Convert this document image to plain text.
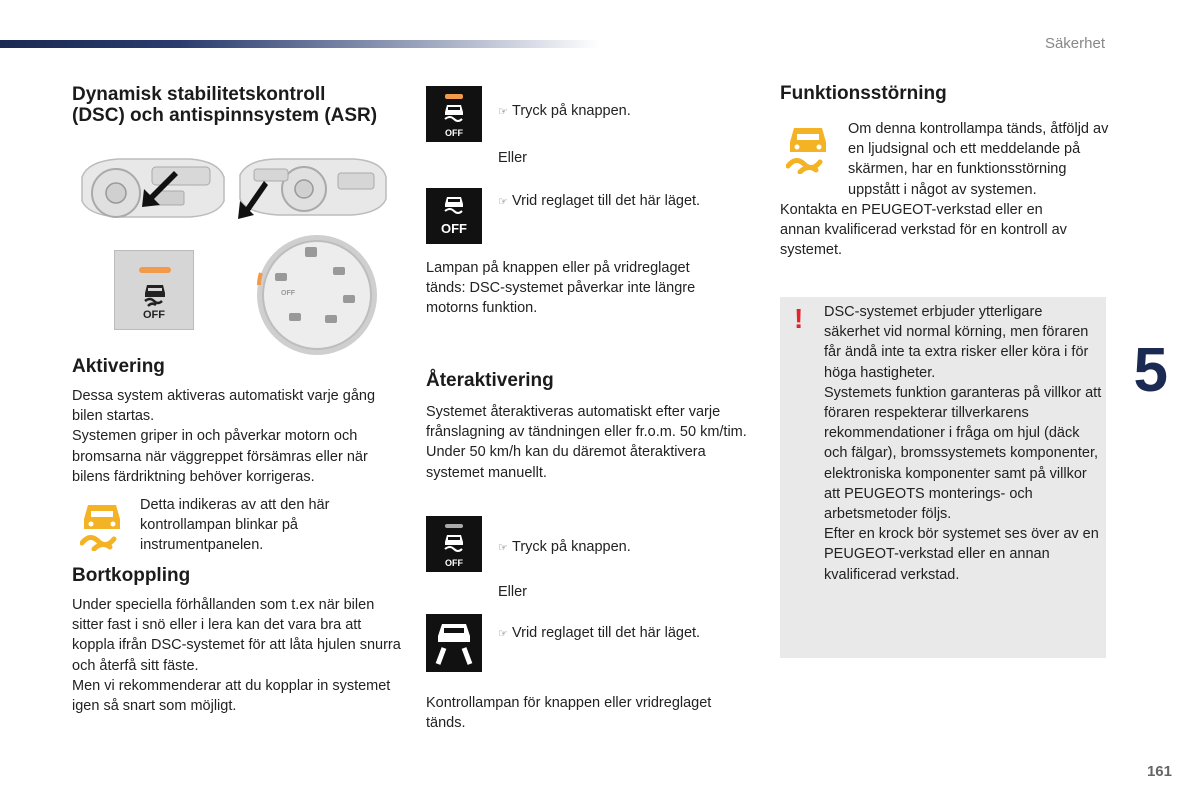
Säkerhet
5
161
Dynamisk stabilitetskontroll
(DSC) och antispinnsystem (ASR)
OFF
OFF
Aktivering

Dessa system aktiveras automatiskt varje gång bilen startas.

Systemen griper in och påverkar motorn och bromsarna när väggreppet försämras eller när bilens färdriktning behöver korrigeras.

Detta indikeras av att den här kontrollampan blinkar på instrumentpanelen.
Bortkoppling

Under speciella förhållanden som t.ex när bilen sitter fast i snö eller i lera kan det vara bra att koppla ifrån DSC-systemet för att låta hjulen snurra och återfå sitt fäste.

Men vi rekommenderar att du kopplar in systemet igen så snart som möjligt.

OFF
☞ Tryck på knappen.
Eller
OFF
☞ Vrid reglaget till det här läget.
Lampan på knappen eller på vridreglaget tänds: DSC-systemet påverkar inte längre motorns funktion.
Återaktivering

Systemet återaktiveras automatiskt efter varje frånslagning av tändningen eller fr.o.m. 50 km/tim. Under 50 km/h kan du däremot återaktivera systemet manuellt.

OFF
☞ Tryck på knappen.
Eller
☞ Vrid reglaget till det här läget.
Kontrollampan för knappen eller vridreglaget tänds.
Funktionsstörning
Om denna kontrollampa tänds, åtföljd av en ljudsignal och ett meddelande på skärmen, har en funktionsstörning uppstått i något av systemen.
Kontakta en PEUGEOT-verkstad eller en annan kvalificerad verkstad för en kontroll av systemet.
! DSC-systemet erbjuder ytterligare säkerhet vid normal körning, men föraren får ändå inte ta extra risker eller köra i för höga hastigheter.

Systemets funktion garanteras på villkor att föraren respekterar tillverkarens rekommendationer i fråga om hjul (däck och fälgar), bromssystemets komponenter, elektroniska komponenter samt på villkor att PEUGEOTS monterings- och arbetsmetoder följs.

Efter en krock bör systemet ses över av en PEUGEOT-verkstad eller en annan kvalificerad verkstad.
